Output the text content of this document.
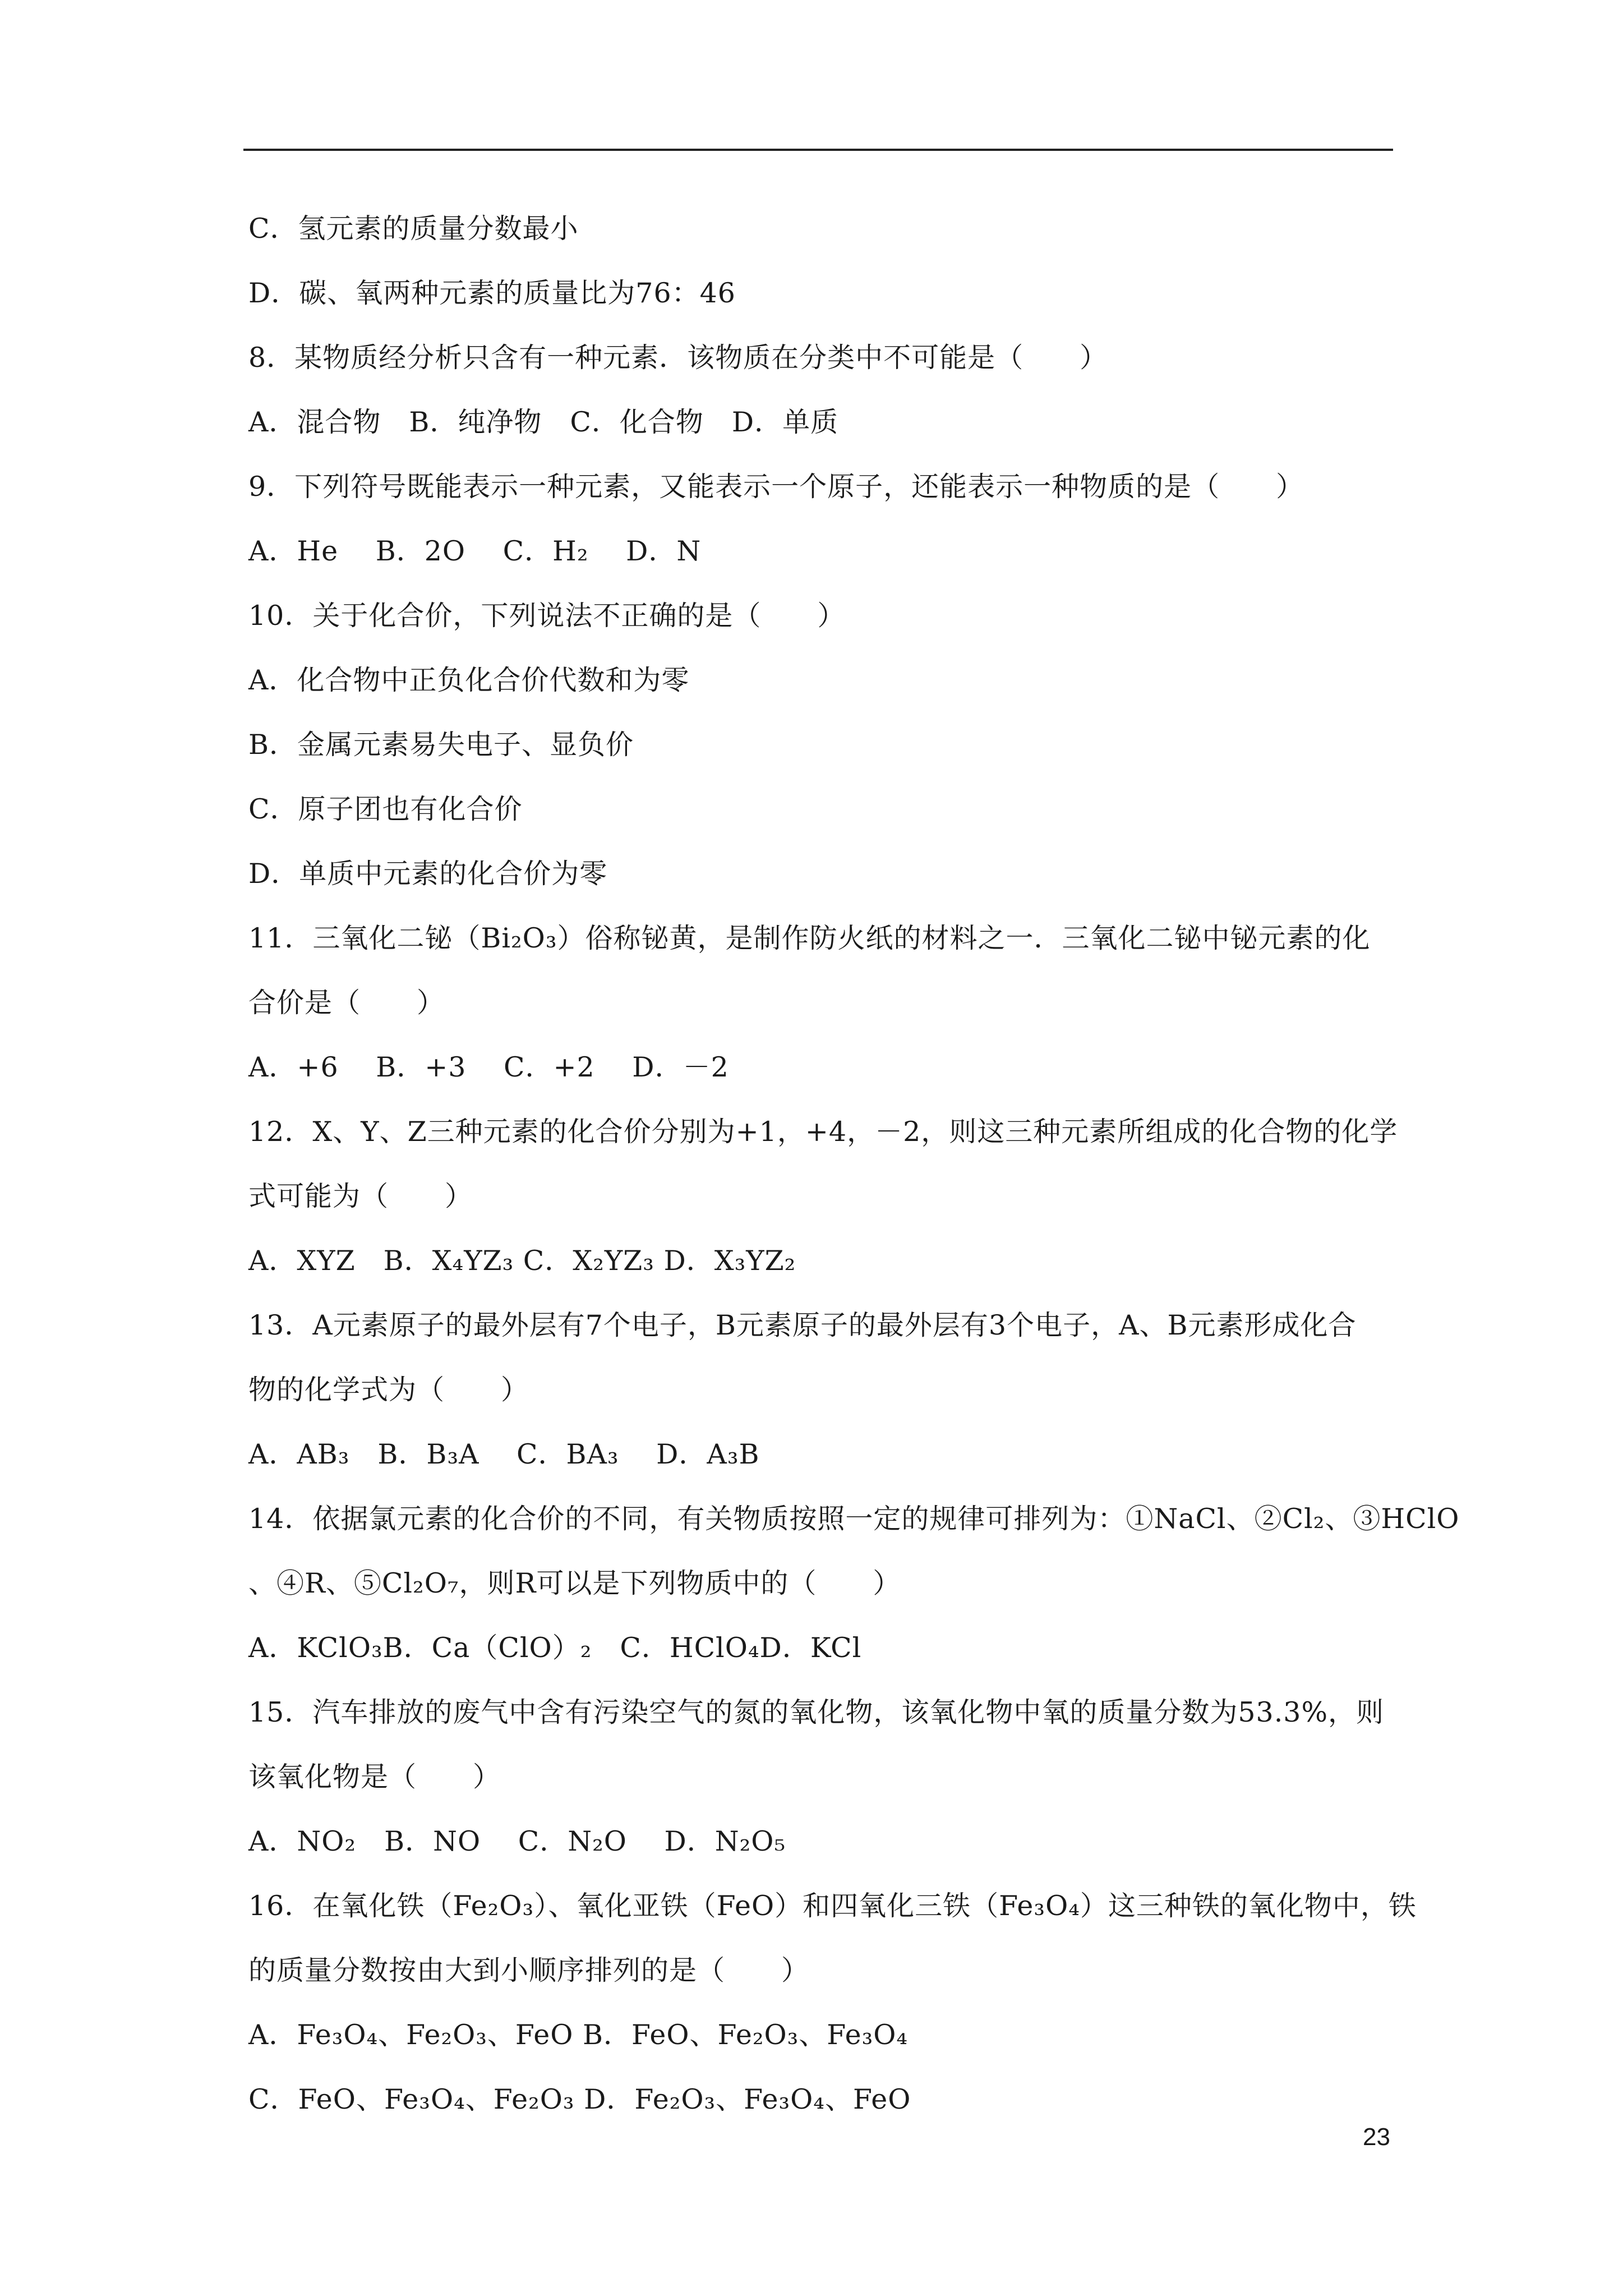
C．氢元素的质量分数最小

D．碳、氧两种元素的质量比为76：46

8．某物质经分析只含有一种元素．该物质在分类中不可能是（　　）

A．混合物　B．纯净物　C．化合物　D．单质

9．下列符号既能表示一种元素，又能表示一个原子，还能表示一种物质的是（　　）

A．He　 B．2O　 C．H₂　 D．N

10．关于化合价，下列说法不正确的是（　　）

A．化合物中正负化合价代数和为零

B．金属元素易失电子、显负价

C．原子团也有化合价

D．单质中元素的化合价为零

11．三氧化二铋（Bi₂O₃）俗称铋黄，是制作防火纸的材料之一．三氧化二铋中铋元素的化

合价是（　　）

A．+6　 B．+3　 C．+2　 D．－2

12．X、Y、Z三种元素的化合价分别为+1，+4，－2，则这三种元素所组成的化合物的化学

式可能为（　　）

A．XYZ　B．X₄YZ₃ C．X₂YZ₃ D．X₃YZ₂

13．A元素原子的最外层有7个电子，B元素原子的最外层有3个电子，A、B元素形成化合

物的化学式为（　　）

A．AB₃　B．B₃A　 C．BA₃　 D．A₃B

14．依据氯元素的化合价的不同，有关物质按照一定的规律可排列为：①NaCl、②Cl₂、③HClO

、④R、⑤Cl₂O₇，则R可以是下列物质中的（　　）

A．KClO₃B．Ca（ClO）₂　C．HClO₄D．KCl

15．汽车排放的废气中含有污染空气的氮的氧化物，该氧化物中氧的质量分数为53.3%，则

该氧化物是（　　）

A．NO₂　B．NO　 C．N₂O　 D．N₂O₅

16．在氧化铁（Fe₂O₃）、氧化亚铁（FeO）和四氧化三铁（Fe₃O₄）这三种铁的氧化物中，铁

的质量分数按由大到小顺序排列的是（　　）

A．Fe₃O₄、Fe₂O₃、FeO B．FeO、Fe₂O₃、Fe₃O₄

C．FeO、Fe₃O₄、Fe₂O₃ D．Fe₂O₃、Fe₃O₄、FeO

23
